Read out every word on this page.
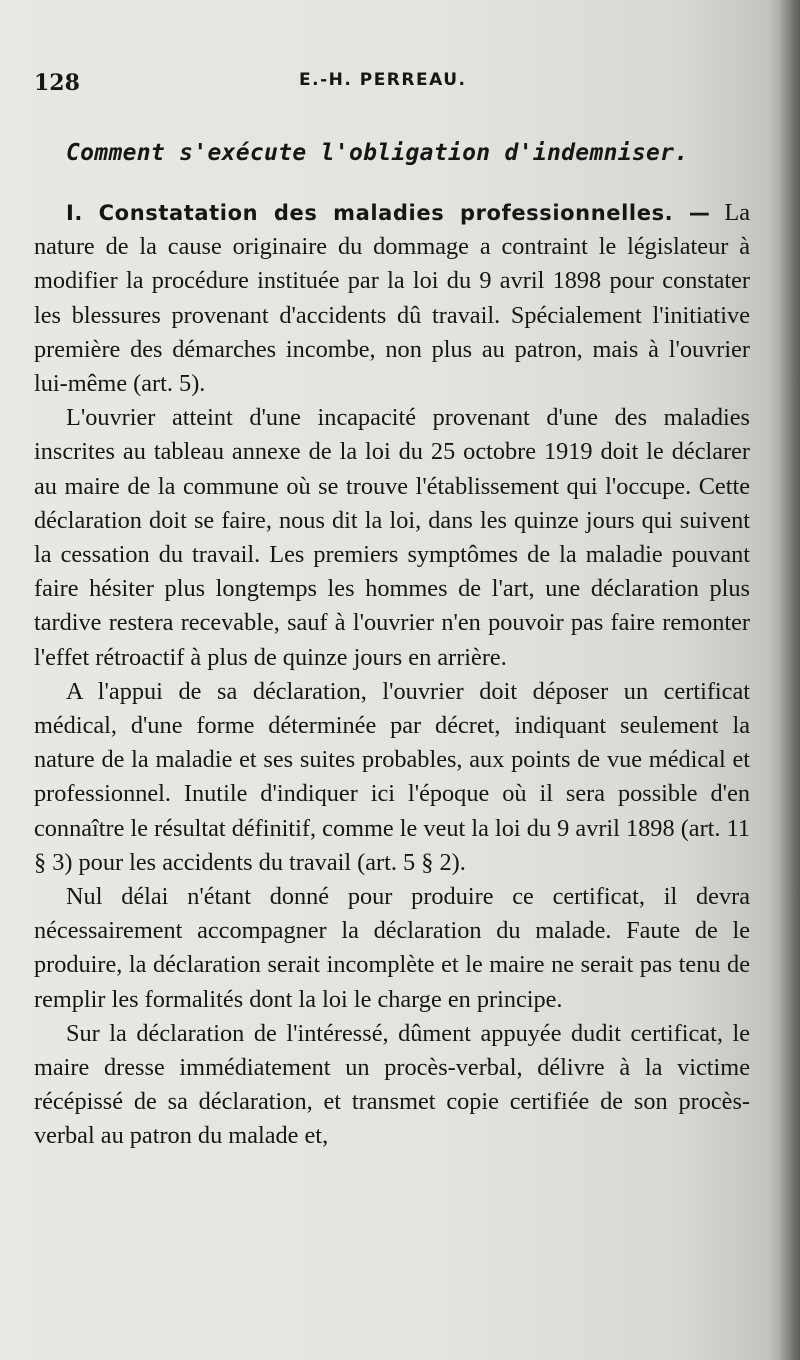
128	E.-H. PERREAU.
Comment s'exécute l'obligation d'indemniser.

I. Constatation des maladies professionnelles. — La nature de la cause originaire du dommage a contraint le législateur à modifier la procédure instituée par la loi du 9 avril 1898 pour constater les blessures provenant d'accidents dû travail. Spécialement l'initiative première des démarches incombe, non plus au patron, mais à l'ouvrier lui-même (art. 5).

L'ouvrier atteint d'une incapacité provenant d'une des maladies inscrites au tableau annexe de la loi du 25 octobre 1919 doit le déclarer au maire de la commune où se trouve l'établissement qui l'occupe. Cette déclaration doit se faire, nous dit la loi, dans les quinze jours qui suivent la cessation du travail. Les premiers symptômes de la maladie pouvant faire hésiter plus longtemps les hommes de l'art, une déclaration plus tardive restera recevable, sauf à l'ouvrier n'en pouvoir pas faire remonter l'effet rétroactif à plus de quinze jours en arrière.

A l'appui de sa déclaration, l'ouvrier doit déposer un certificat médical, d'une forme déterminée par décret, indiquant seulement la nature de la maladie et ses suites probables, aux points de vue médical et professionnel. Inutile d'indiquer ici l'époque où il sera possible d'en connaître le résultat définitif, comme le veut la loi du 9 avril 1898 (art. 11 § 3) pour les accidents du travail (art. 5 § 2).

Nul délai n'étant donné pour produire ce certificat, il devra nécessairement accompagner la déclaration du malade. Faute de le produire, la déclaration serait incomplète et le maire ne serait pas tenu de remplir les formalités dont la loi le charge en principe.

Sur la déclaration de l'intéressé, dûment appuyée dudit certificat, le maire dresse immédiatement un procès-verbal, délivre à la victime récépissé de sa déclaration, et transmet copie certifiée de son procès-verbal au patron du malade et,
